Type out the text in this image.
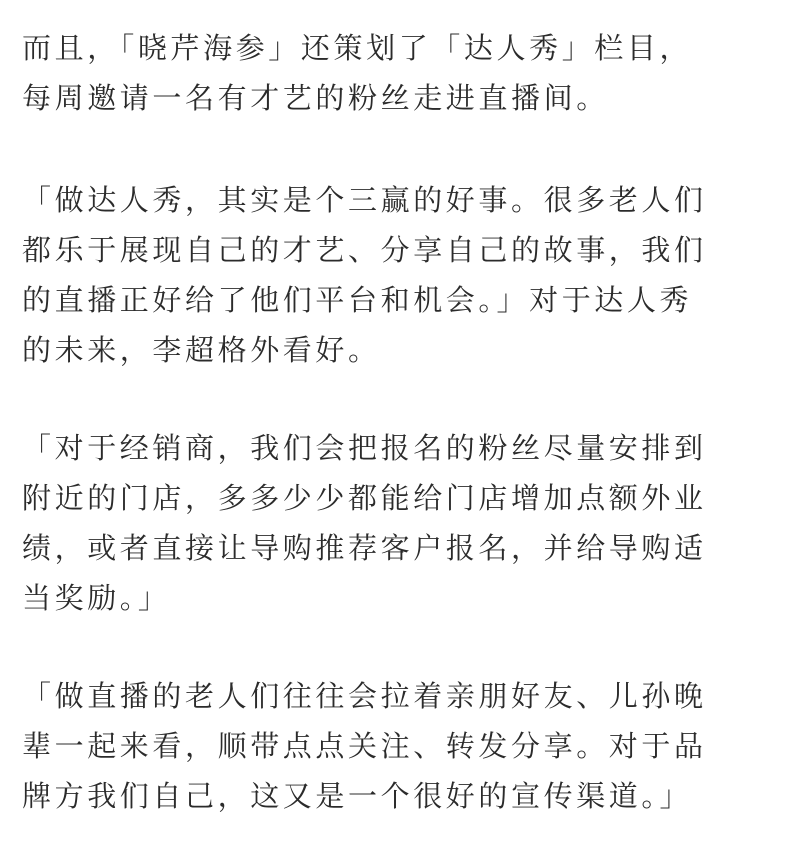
而且，「晓芹海参」还策划了「达人秀」栏目，
每周邀请一名有才艺的粉丝走进直播间。
「做达人秀，其实是个三赢的好事。很多老人们
都乐于展现自己的才艺、分享自己的故事，我们
的直播正好给了他们平台和机会。」对于达人秀
的未来，李超格外看好。
「对于经销商，我们会把报名的粉丝尽量安排到
附近的门店，多多少少都能给门店增加点额外业
绩，或者直接让导购推荐客户报名，并给导购适
当奖励。」
「做直播的老人们往往会拉着亲朋好友、儿孙晚
辈一起来看，顺带点点关注、转发分享。对于品
牌方我们自己，这又是一个很好的宣传渠道。」
